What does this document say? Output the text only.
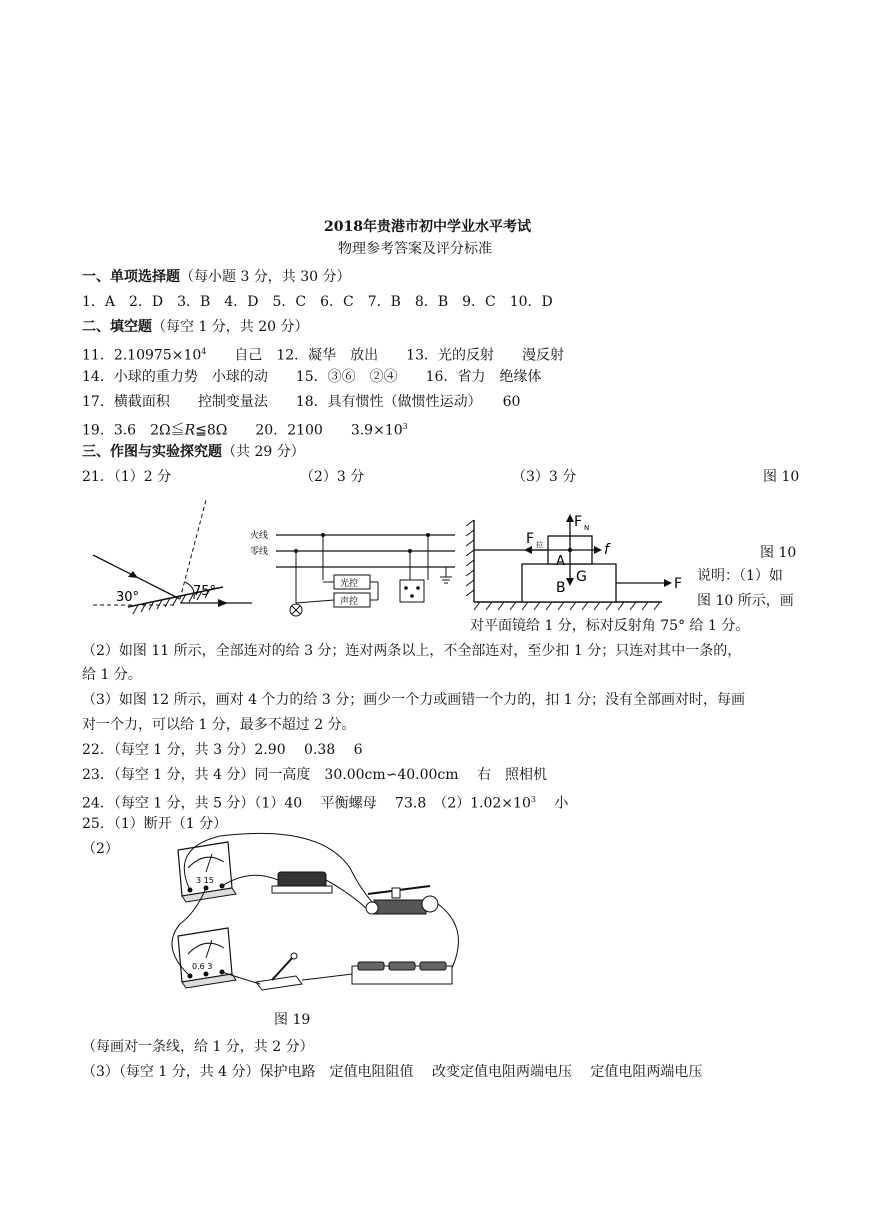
2018年贵港市初中学业水平考试
物理参考答案及评分标准
一、单项选择题（每小题 3 分，共 30 分）
1．A　2．D　3．B　4．D　5．C　6．C　7．B　8．B　9．C　10．D
二、填空题（每空 1 分，共 20 分）
11．$2.10975\times 10^4$　　自己　12．凝华　放出　　13．光的反射　　漫反射
14．小球的重力势　小球的动　　15．③⑥　②④　　16．省力　绝缘体
17．横截面积　　控制变量法　　18．具有惯性（做惯性运动）　　60
19．3.6　2Ω≦R≦8Ω　　20．2100　　$3.9\times 10^3$
三、作图与实验探究题（共 29 分）
21．（1）2 分	（2）3 分	（3）3 分	图 10
30°	75°
火线
零线
光控
声控
F N
F 拉	f
A
G
B	F
图 10
说明：（1）如
图 10 所示，画
对平面镜给 1 分，标对反射角 75° 给 1 分。
（2）如图 11 所示，全部连对的给 3 分；连对两条以上，不全部连对，至少扣 1 分；只连对其中一条的，
给 1 分。
（3）如图 12 所示，画对 4 个力的给 3 分；画少一个力或画错一个力的，扣 1 分；没有全部画对时，每画
对一个力，可以给 1 分，最多不超过 2 分。
22．（每空 1 分，共 3 分）2.90　 0.38　 6
23．（每空 1 分，共 4 分）同一高度　30.00cm∽40.00cm　 右　照相机
24．（每空 1 分，共 5 分）（1）40　 平衡螺母　 73.8　$(2)1.02\times 10^3$　 小
25．（1）断开（1 分）
（2）
3 15
0.6 3
图 19
（每画对一条线，给 1 分，共 2 分）
（3）（每空 1 分，共 4 分）保护电路　定值电阻阻值　 改变定值电阻两端电压　 定值电阻两端电压
